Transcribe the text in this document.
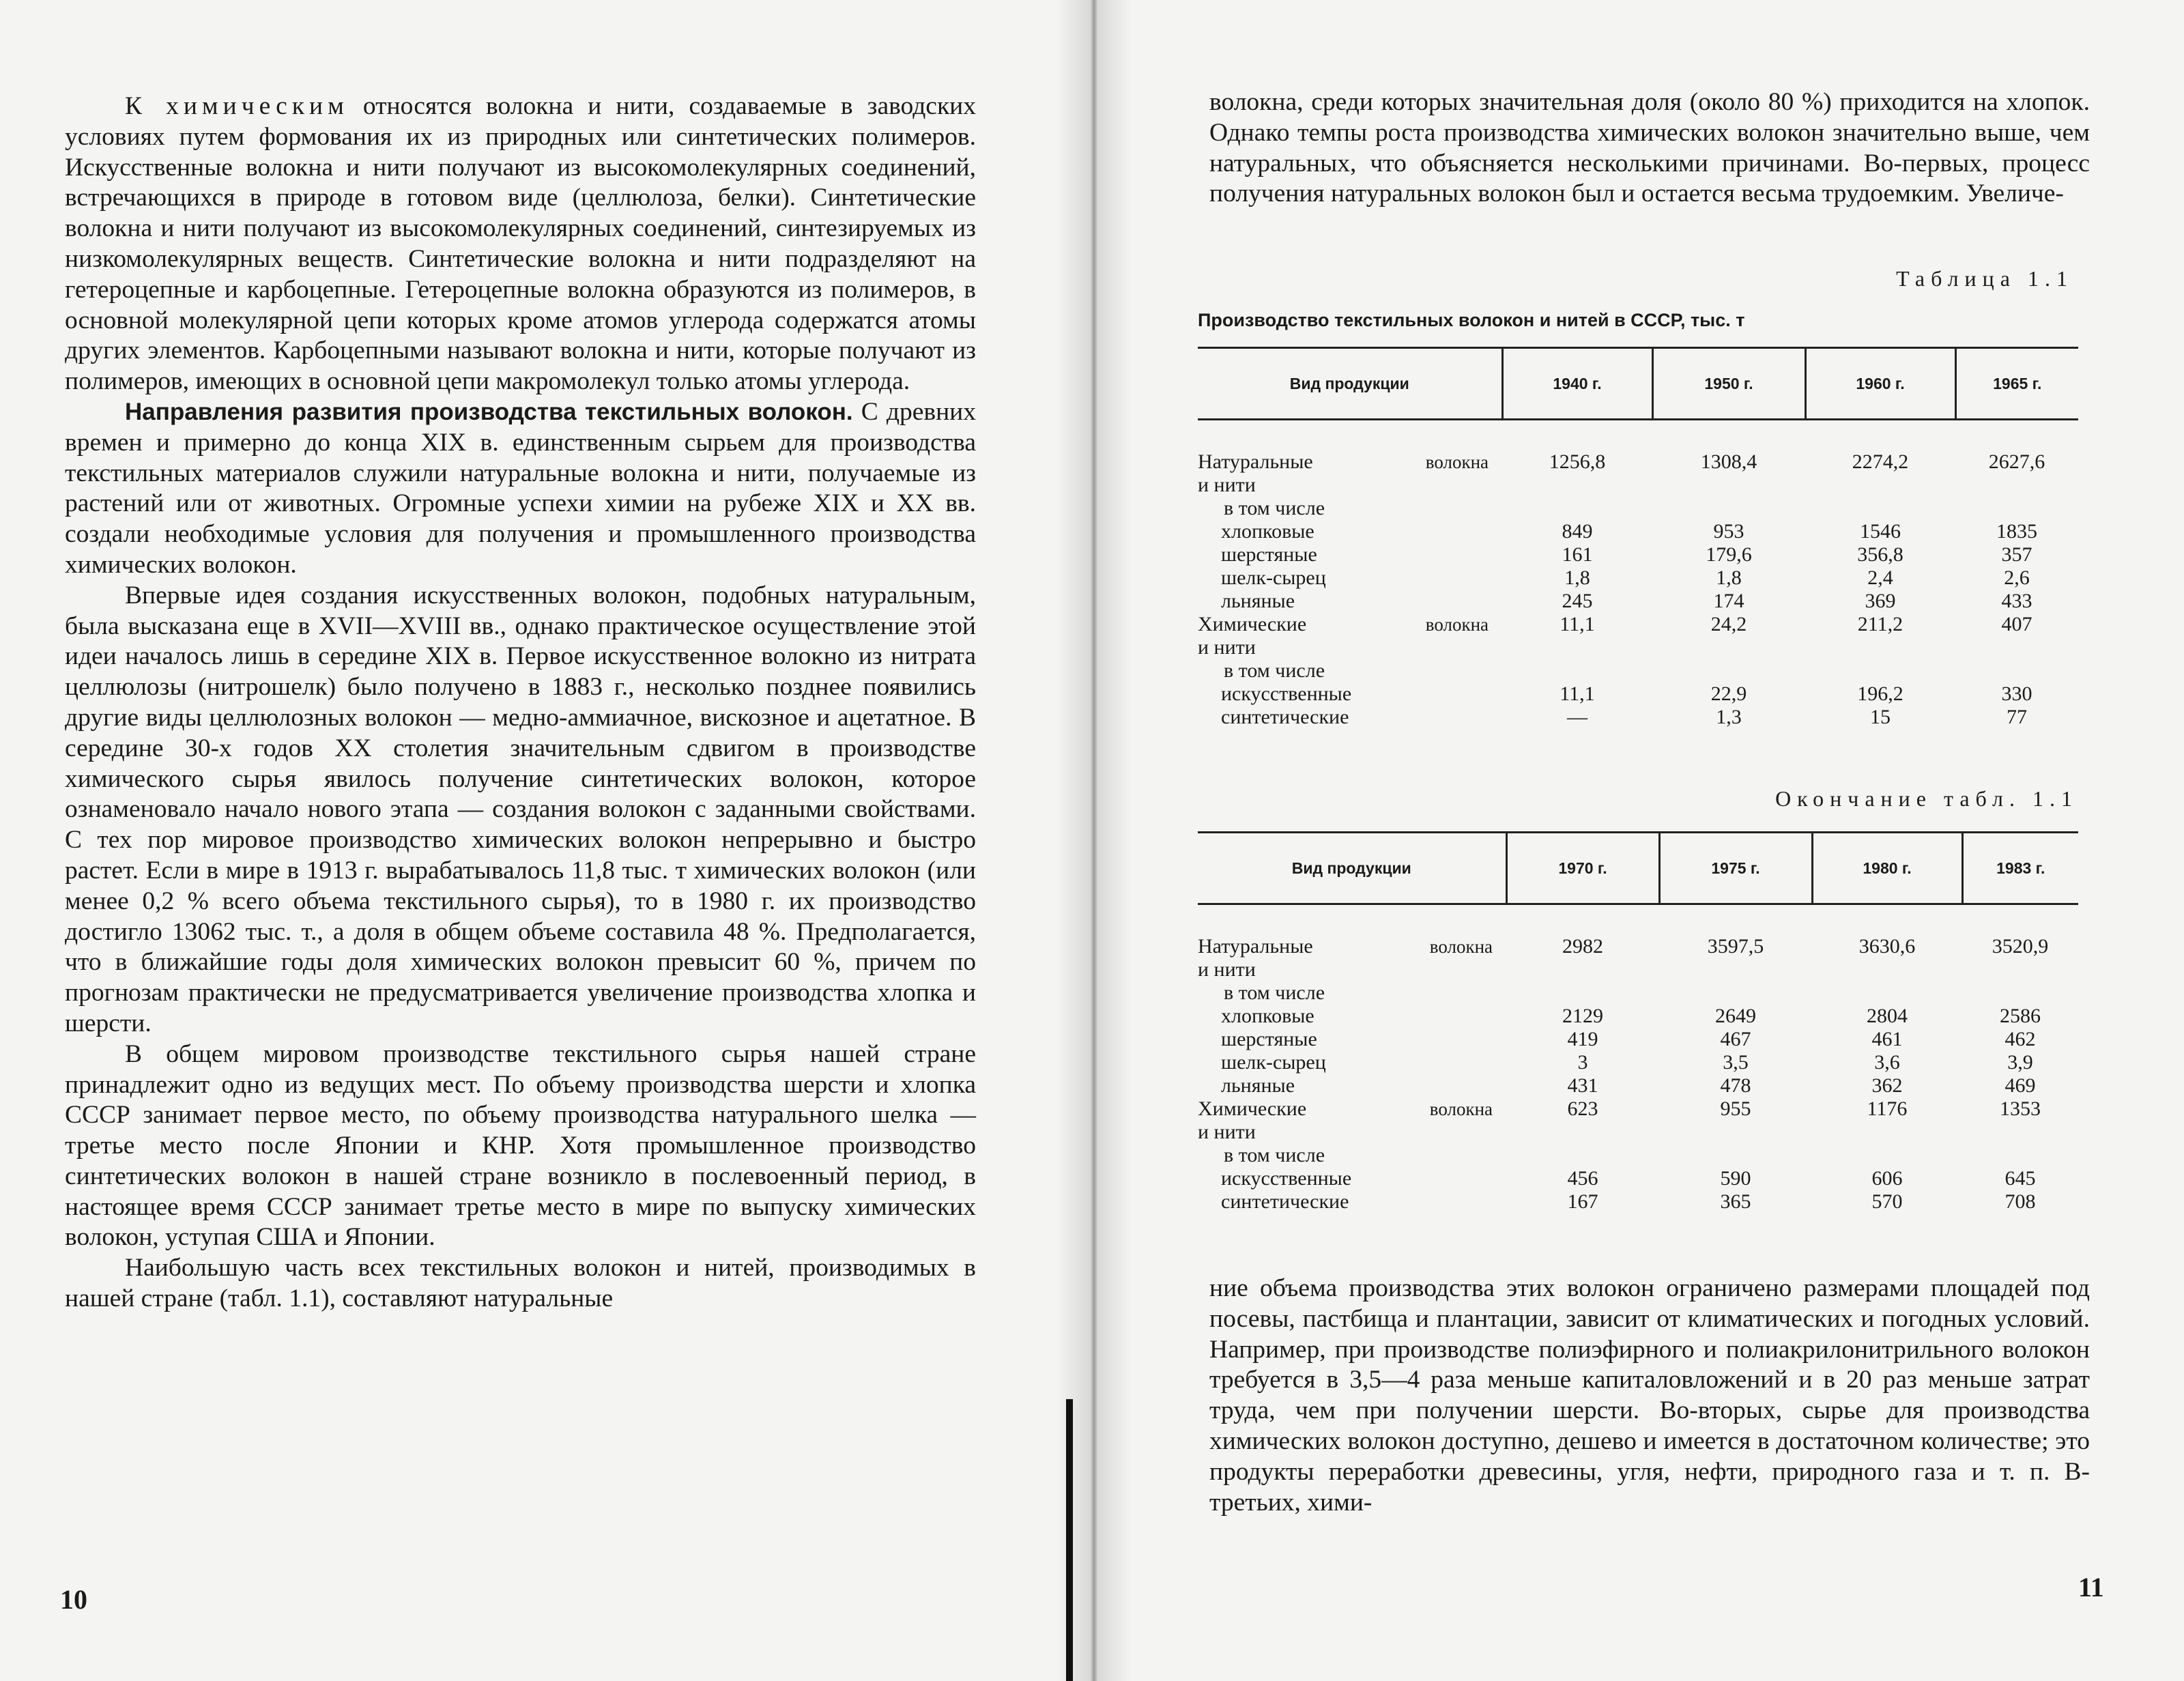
К химическим относятся волокна и нити, создаваемые в заводских условиях путем формования их из природных или синтетических полимеров. Искусственные волокна и нити получают из высокомолекулярных соединений, встречающихся в природе в готовом виде (целлюлоза, белки). Синтетические волокна и нити получают из высокомолекулярных соединений, синтезируемых из низкомолекулярных веществ. Синтетические волокна и нити подразделяют на гетероцепные и карбоцепные. Гетероцепные волокна образуются из полимеров, в основной молекулярной цепи которых кроме атомов углерода содержатся атомы других элементов. Карбоцепными называют волокна и нити, которые получают из полимеров, имеющих в основной цепи макромолекул только атомы углерода.

Направления развития производства текстильных волокон. С древних времен и примерно до конца XIX в. единственным сырьем для производства текстильных материалов служили натуральные волокна и нити, получаемые из растений или от животных. Огромные успехи химии на рубеже XIX и XX вв. создали необходимые условия для получения и промышленного производства химических волокон.

Впервые идея создания искусственных волокон, подобных натуральным, была высказана еще в XVII—XVIII вв., однако практическое осуществление этой идеи началось лишь в середине XIX в. Первое искусственное волокно из нитрата целлюлозы (нитрошелк) было получено в 1883 г., несколько позднее появились другие виды целлюлозных волокон — медно-аммиачное, вискозное и ацетатное. В середине 30-х годов XX столетия значительным сдвигом в производстве химического сырья явилось получение синтетических волокон, которое ознаменовало начало нового этапа — создания волокон с заданными свойствами. С тех пор мировое производство химических волокон непрерывно и быстро растет. Если в мире в 1913 г. вырабатывалось 11,8 тыс. т химических волокон (или менее 0,2 % всего объема текстильного сырья), то в 1980 г. их производство достигло 13062 тыс. т., а доля в общем объеме составила 48 %. Предполагается, что в ближайшие годы доля химических волокон превысит 60 %, причем по прогнозам практически не предусматривается увеличение производства хлопка и шерсти.

В общем мировом производстве текстильного сырья нашей стране принадлежит одно из ведущих мест. По объему производства шерсти и хлопка СССР занимает первое место, по объему производства натурального шелка — третье место после Японии и КНР. Хотя промышленное производство синтетических волокон в нашей стране возникло в послевоенный период, в настоящее время СССР занимает третье место в мире по выпуску химических волокон, уступая США и Японии.

Наибольшую часть всех текстильных волокон и нитей, производимых в нашей стране (табл. 1.1), составляют натуральные

10

волокна, среди которых значительная доля (около 80 %) приходится на хлопок. Однако темпы роста производства химических волокон значительно выше, чем натуральных, что объясняется несколькими причинами. Во-первых, процесс получения натуральных волокон был и остается весьма трудоемким. Увеличе-

Таблица 1.1
Производство текстильных волокон и нитей в СССР, тыс. т
Вид продукции	1940 г.	1950 г.	1960 г.	1965 г.

Натуральные волокна	1256,8	1308,4	2274,2	2627,6
и нити				
в том числе				
хлопковые	849	953	1546	1835
шерстяные	161	179,6	356,8	357
шелк-сырец	1,8	1,8	2,4	2,6
льняные	245	174	369	433

Химические волокна	11,1	24,2	211,2	407
и нити				
в том числе				
искусственные	11,1	22,9	196,2	330
синтетические	—	1,3	15	77
Окончание табл. 1.1
Вид продукции	1970 г.	1975 г.	1980 г.	1983 г.

Натуральные волокна	2982	3597,5	3630,6	3520,9
и нити				
в том числе				
хлопковые	2129	2649	2804	2586
шерстяные	419	467	461	462
шелк-сырец	3	3,5	3,6	3,9
льняные	431	478	362	469

Химические волокна	623	955	1176	1353
и нити				
в том числе				
искусственные	456	590	606	645
синтетические	167	365	570	708

ние объема производства этих волокон ограничено размерами площадей под посевы, пастбища и плантации, зависит от климатических и погодных условий. Например, при производстве полиэфирного и полиакрилонитрильного волокон требуется в 3,5—4 раза меньше капиталовложений и в 20 раз меньше затрат труда, чем при получении шерсти. Во-вторых, сырье для производства химических волокон доступно, дешево и имеется в достаточном количестве; это продукты переработки древесины, угля, нефти, природного газа и т. п. В-третьих, хими-

11
